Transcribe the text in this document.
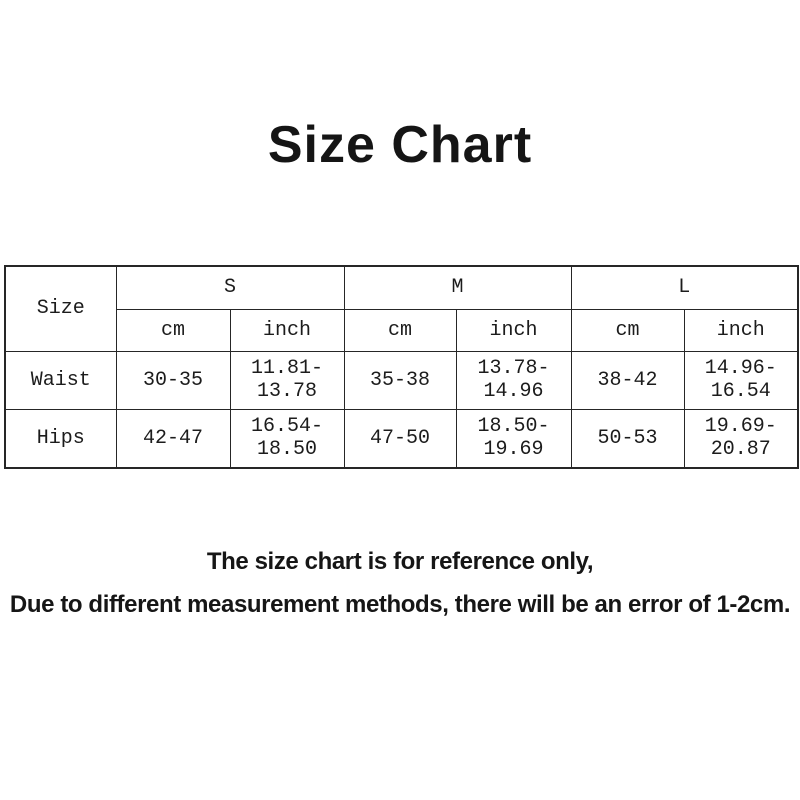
Size Chart
Size	S		M		L	
	cm	inch	cm	inch	cm	inch
Waist	30-35	11.81-13.78	35-38	13.78-14.96	38-42	14.96-16.54
Hips	42-47	16.54-18.50	47-50	18.50-19.69	50-53	19.69-20.87
The size chart is for reference only,
Due to different measurement methods, there will be an error of 1-2cm.
